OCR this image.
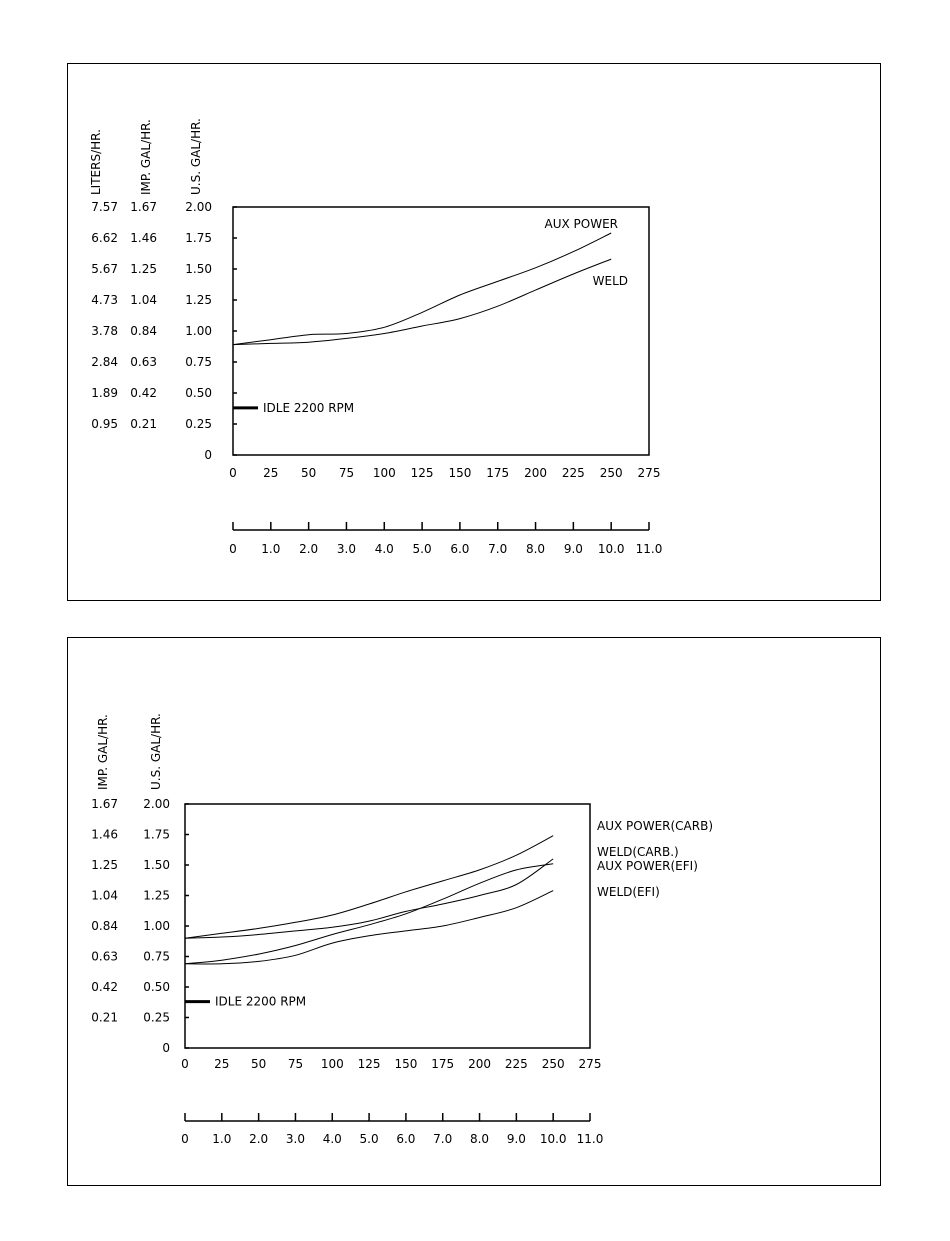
LITERS/HR.	IMP. GAL/HR.	U.S. GAL/HR.
7.57 1.67 2.00
6.62 1.46 1.75
5.67 1.25 1.50
4.73 1.04 1.25
3.78 0.84 1.00
2.84 0.63 0.75
1.89 0.42 0.50
0.95 0.21 0.25
0
0 25 50 75 100 125 150 175 200 225 250 275
0 1.0 2.0 3.0 4.0 5.0 6.0 7.0 8.0 9.0 10.0 11.0
IDLE 2200 RPM
AUX POWER
WELD
IMP. GAL/HR.	U.S. GAL/HR.
1.67 2.00
1.46 1.75
1.25 1.50
1.04 1.25
0.84 1.00
0.63 0.75
0.42 0.50
0.21 0.25
0
0 25 50 75 100 125 150 175 200 225 250 275
0 1.0 2.0 3.0 4.0 5.0 6.0 7.0 8.0 9.0 10.0 11.0
IDLE 2200 RPM
AUX POWER(CARB)
WELD(CARB.)
AUX POWER(EFI)
WELD(EFI)
